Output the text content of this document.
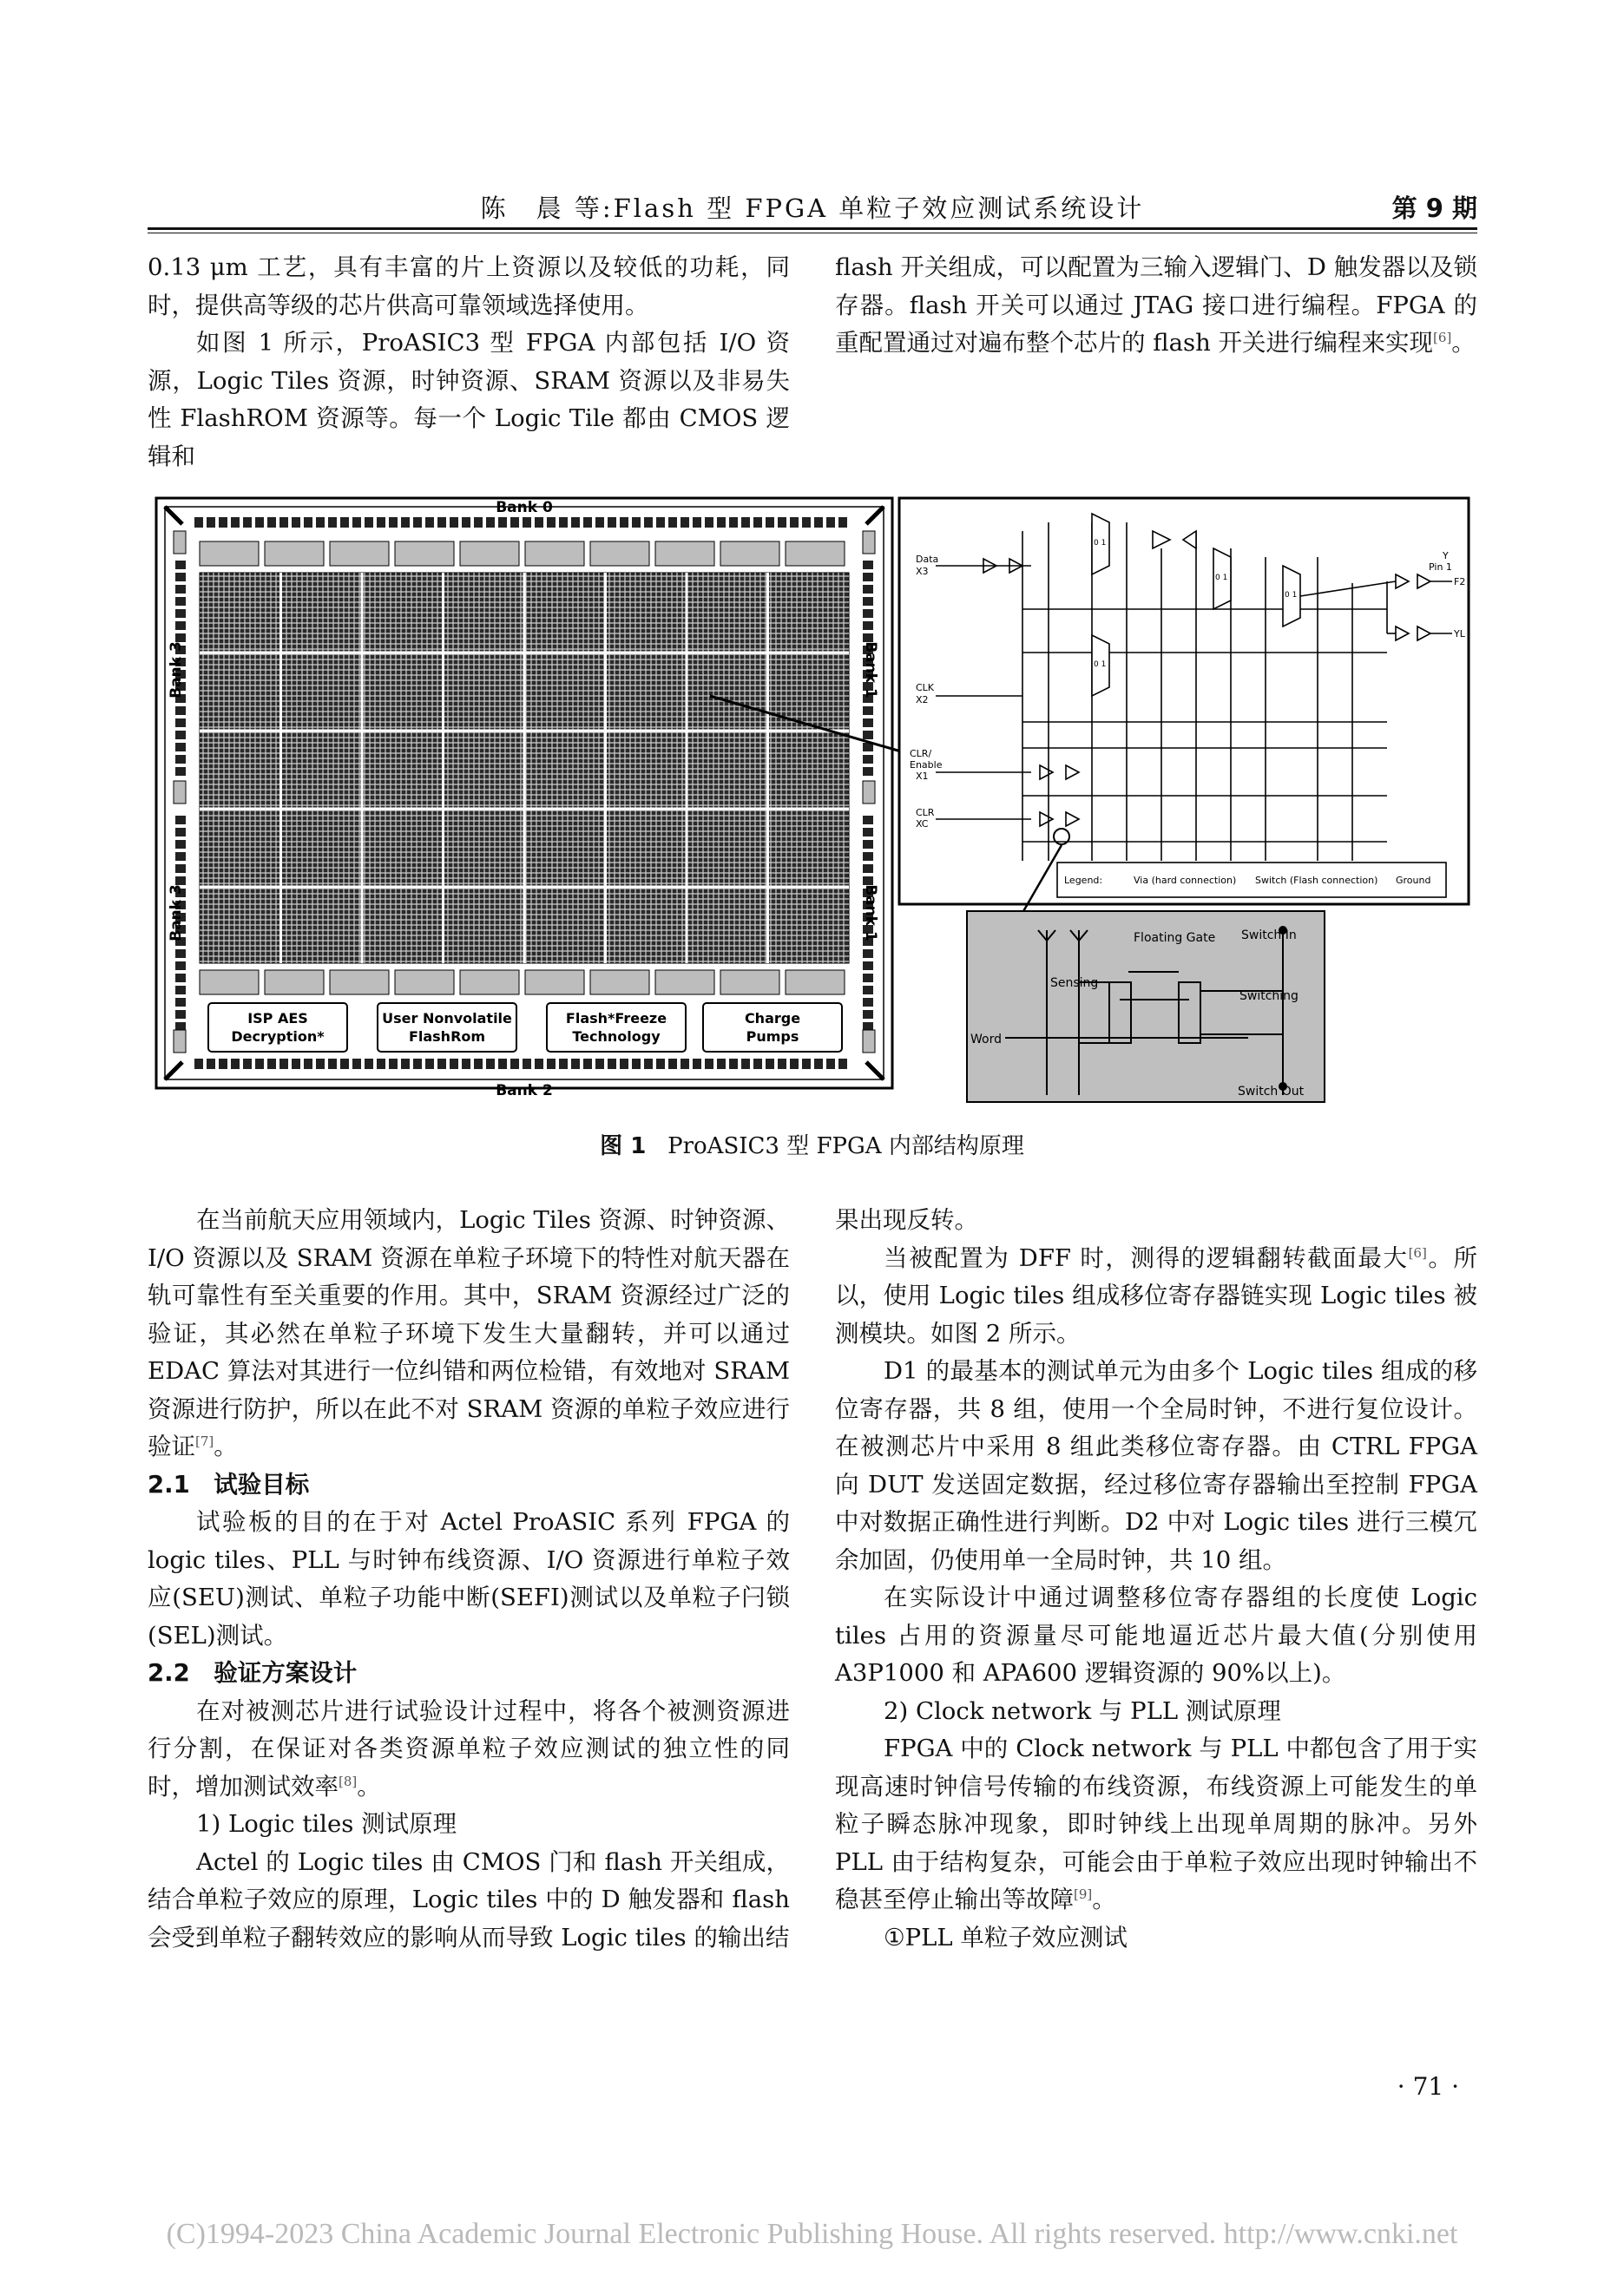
陈　晨 等:Flash 型 FPGA 单粒子效应测试系统设计	第 9 期

0.13 μm 工艺，具有丰富的片上资源以及较低的功耗，同时，提供高等级的芯片供高可靠领域选择使用。

如图 1 所示，ProASIC3 型 FPGA 内部包括 I/O 资源，Logic Tiles 资源，时钟资源、SRAM 资源以及非易失性 FlashROM 资源等。每一个 Logic Tile 都由 CMOS 逻辑和

flash 开关组成，可以配置为三输入逻辑门、D 触发器以及锁存器。flash 开关可以通过 JTAG 接口进行编程。FPGA 的重配置通过对遍布整个芯片的 flash 开关进行编程来实现[6]。

ISP AES
Decryption*
User Nonvolatile
FlashRom
Flash*Freeze
Technology
Charge
Pumps
Bank 0
Bank 2
Bank 3
Bank 3
Bank 1
Bank 1
Data
X3
CLK
X2
CLR/
Enable
X1
CLR
XC
Y
Pin 1
F2
YL
0 1
0 1
0 1
0 1
Legend:	Via (hard connection) Switch (Flash connection) Ground
Floating Gate Switch In
Sensing
Switching
Word
Switch Out
图 1 ProASIC3 型 FPGA 内部结构原理

在当前航天应用领域内，Logic Tiles 资源、时钟资源、I/O 资源以及 SRAM 资源在单粒子环境下的特性对航天器在轨可靠性有至关重要的作用。其中，SRAM 资源经过广泛的验证，其必然在单粒子环境下发生大量翻转，并可以通过 EDAC 算法对其进行一位纠错和两位检错，有效地对 SRAM 资源进行防护，所以在此不对 SRAM 资源的单粒子效应进行验证[7]。

2.1　试验目标

试验板的目的在于对 Actel ProASIC 系列 FPGA 的 logic tiles、PLL 与时钟布线资源、I/O 资源进行单粒子效应(SEU)测试、单粒子功能中断(SEFI)测试以及单粒子闩锁(SEL)测试。

2.2　验证方案设计

在对被测芯片进行试验设计过程中，将各个被测资源进行分割，在保证对各类资源单粒子效应测试的独立性的同时，增加测试效率[8]。

1) Logic tiles 测试原理

Actel 的 Logic tiles 由 CMOS 门和 flash 开关组成，结合单粒子效应的原理，Logic tiles 中的 D 触发器和 flash 会受到单粒子翻转效应的影响从而导致 Logic tiles 的输出结

果出现反转。

当被配置为 DFF 时，测得的逻辑翻转截面最大[6]。所以，使用 Logic tiles 组成移位寄存器链实现 Logic tiles 被测模块。如图 2 所示。

D1 的最基本的测试单元为由多个 Logic tiles 组成的移位寄存器，共 8 组，使用一个全局时钟，不进行复位设计。在被测芯片中采用 8 组此类移位寄存器。由 CTRL FPGA 向 DUT 发送固定数据，经过移位寄存器输出至控制 FPGA 中对数据正确性进行判断。D2 中对 Logic tiles 进行三模冗余加固，仍使用单一全局时钟，共 10 组。

在实际设计中通过调整移位寄存器组的长度使 Logic tiles 占用的资源量尽可能地逼近芯片最大值(分别使用 A3P1000 和 APA600 逻辑资源的 90%以上)。

2) Clock network 与 PLL 测试原理

FPGA 中的 Clock network 与 PLL 中都包含了用于实现高速时钟信号传输的布线资源，布线资源上可能发生的单粒子瞬态脉冲现象，即时钟线上出现单周期的脉冲。另外 PLL 由于结构复杂，可能会由于单粒子效应出现时钟输出不稳甚至停止输出等故障[9]。

①PLL 单粒子效应测试

· 71 ·
(C)1994-2023 China Academic Journal Electronic Publishing House. All rights reserved. http://www.cnki.net
